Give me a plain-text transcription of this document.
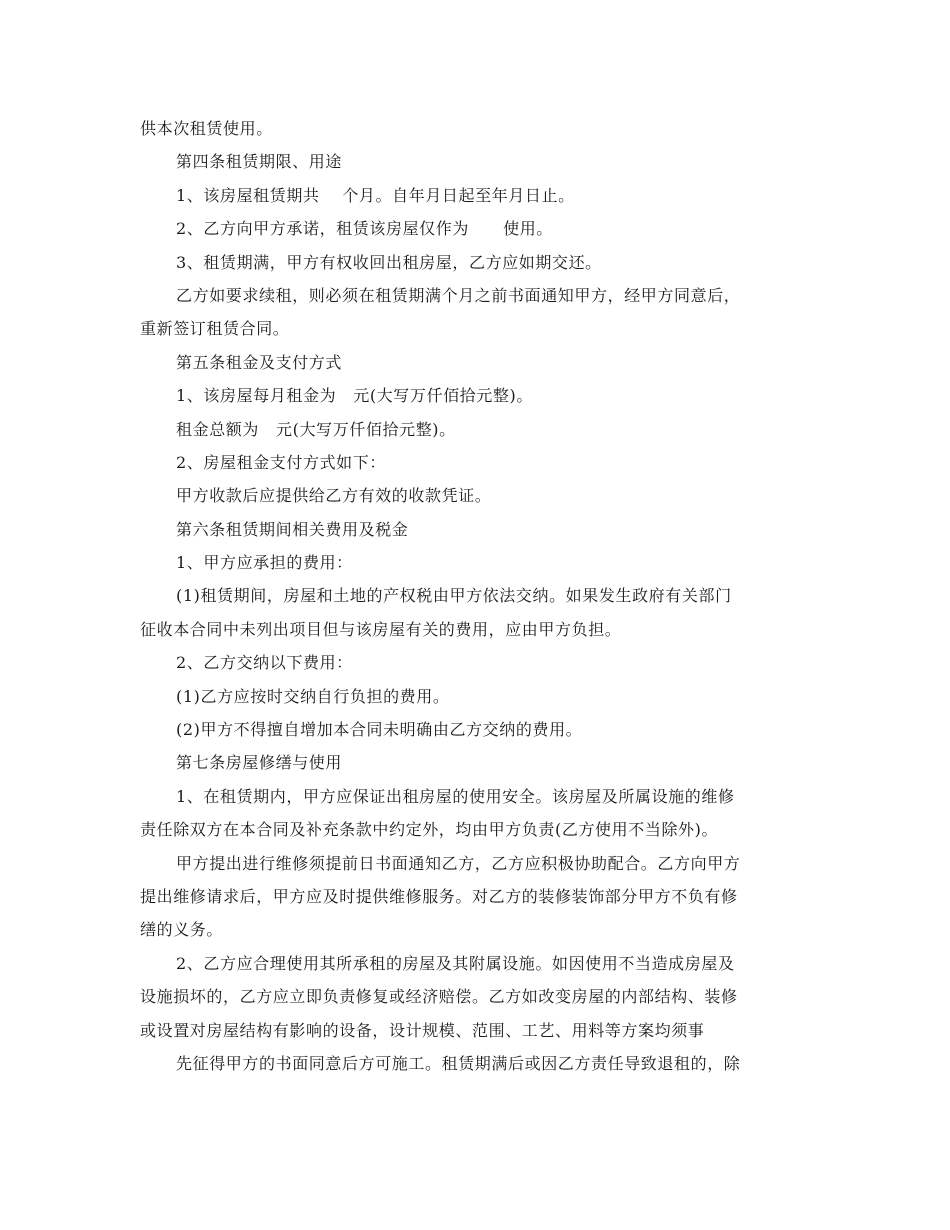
供本次租赁使用。
第四条租赁期限、用途
1、该房屋租赁期共    个月。自年月日起至年月日止。
2、乙方向甲方承诺，租赁该房屋仅作为      使用。
3、租赁期满，甲方有权收回出租房屋，乙方应如期交还。
乙方如要求续租，则必须在租赁期满个月之前书面通知甲方，经甲方同意后，
重新签订租赁合同。
第五条租金及支付方式
1、该房屋每月租金为   元(大写万仟佰拾元整)。
租金总额为   元(大写万仟佰拾元整)。
2、房屋租金支付方式如下：
甲方收款后应提供给乙方有效的收款凭证。
第六条租赁期间相关费用及税金
1、甲方应承担的费用：
(1)租赁期间，房屋和土地的产权税由甲方依法交纳。如果发生政府有关部门
征收本合同中未列出项目但与该房屋有关的费用，应由甲方负担。
2、乙方交纳以下费用：
(1)乙方应按时交纳自行负担的费用。
(2)甲方不得擅自增加本合同未明确由乙方交纳的费用。
第七条房屋修缮与使用
1、在租赁期内，甲方应保证出租房屋的使用安全。该房屋及所属设施的维修
责任除双方在本合同及补充条款中约定外，均由甲方负责(乙方使用不当除外)。
甲方提出进行维修须提前日书面通知乙方，乙方应积极协助配合。乙方向甲方
提出维修请求后，甲方应及时提供维修服务。对乙方的装修装饰部分甲方不负有修
缮的义务。
2、乙方应合理使用其所承租的房屋及其附属设施。如因使用不当造成房屋及
设施损坏的，乙方应立即负责修复或经济赔偿。乙方如改变房屋的内部结构、装修
或设置对房屋结构有影响的设备，设计规模、范围、工艺、用料等方案均须事
先征得甲方的书面同意后方可施工。租赁期满后或因乙方责任导致退租的，除
